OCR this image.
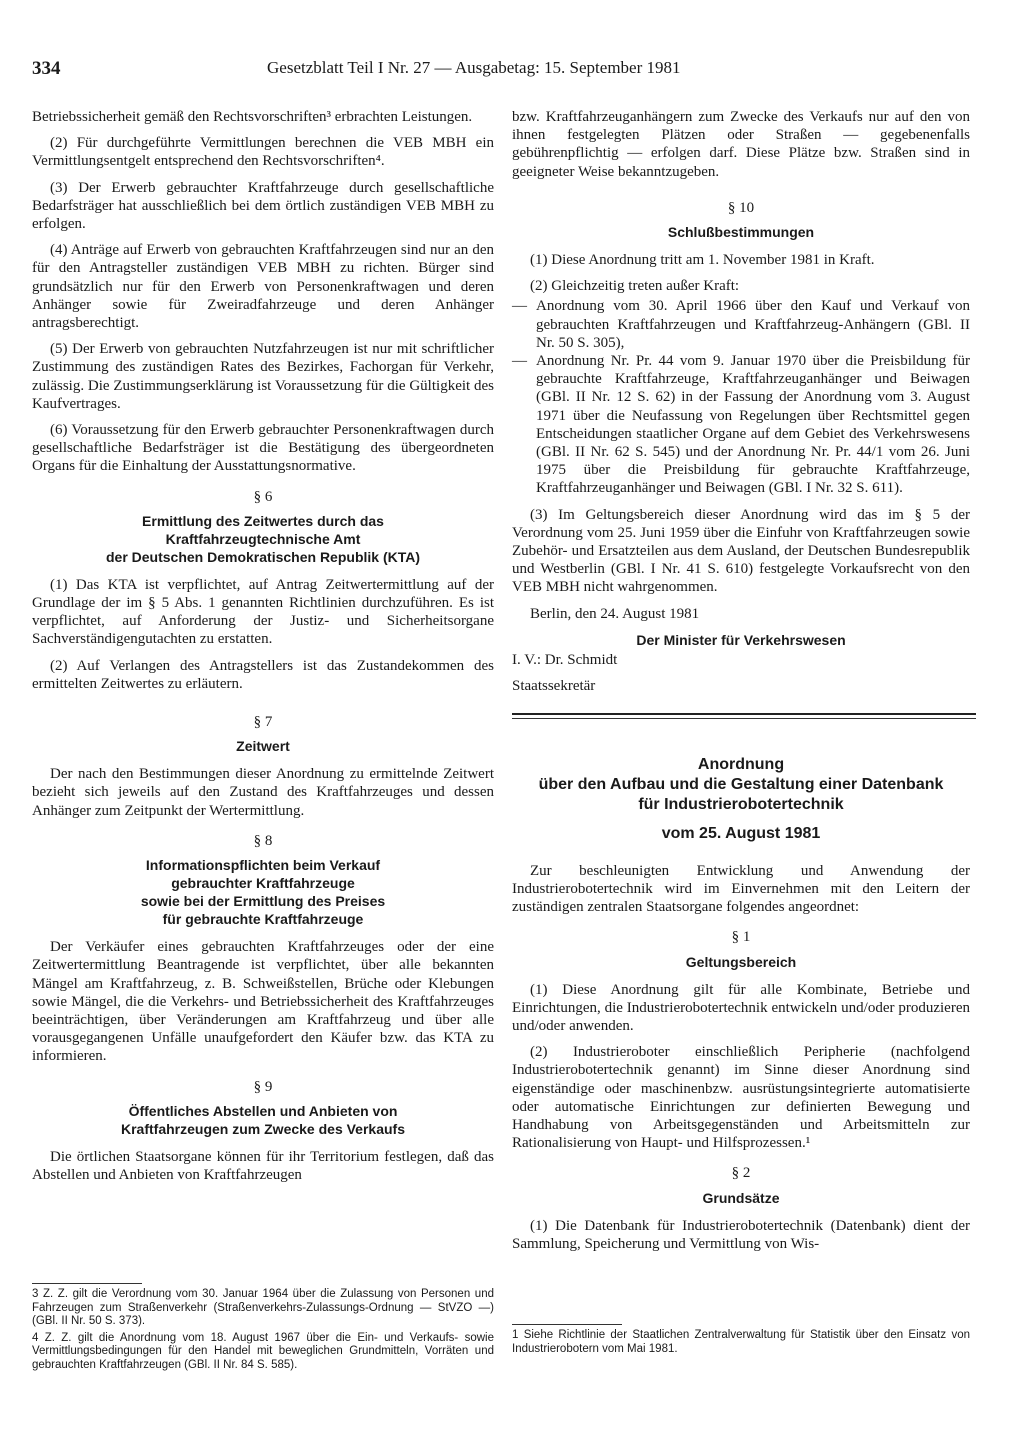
334	Gesetzblatt Teil I Nr. 27 — Ausgabetag: 15. September 1981

Betriebssicherheit gemäß den Rechtsvorschriften³ erbrachten Leistungen.

(2) Für durchgeführte Vermittlungen berechnen die VEB MBH ein Vermittlungsentgelt entsprechend den Rechtsvorschriften⁴.

(3) Der Erwerb gebrauchter Kraftfahrzeuge durch gesellschaftliche Bedarfsträger hat ausschließlich bei dem örtlich zuständigen VEB MBH zu erfolgen.

(4) Anträge auf Erwerb von gebrauchten Kraftfahrzeugen sind nur an den für den Antragsteller zuständigen VEB MBH zu richten. Bürger sind grundsätzlich nur für den Erwerb von Personenkraftwagen und deren Anhänger sowie für Zweiradfahrzeuge und deren Anhänger antragsberechtigt.

(5) Der Erwerb von gebrauchten Nutzfahrzeugen ist nur mit schriftlicher Zustimmung des zuständigen Rates des Bezirkes, Fachorgan für Verkehr, zulässig. Die Zustimmungserklärung ist Voraussetzung für die Gültigkeit des Kaufvertrages.

(6) Voraussetzung für den Erwerb gebrauchter Personenkraftwagen durch gesellschaftliche Bedarfsträger ist die Bestätigung des übergeordneten Organs für die Einhaltung der Ausstattungsnormative.

§ 6
Ermittlung des Zeitwertes durch das
Kraftfahrzeugtechnische Amt
der Deutschen Demokratischen Republik (KTA)

(1) Das KTA ist verpflichtet, auf Antrag Zeitwertermittlung auf der Grundlage der im § 5 Abs. 1 genannten Richtlinien durchzuführen. Es ist verpflichtet, auf Anforderung der Justiz- und Sicherheitsorgane Sachverständigengutachten zu erstatten.

(2) Auf Verlangen des Antragstellers ist das Zustandekommen des ermittelten Zeitwertes zu erläutern.

§ 7
Zeitwert

Der nach den Bestimmungen dieser Anordnung zu ermittelnde Zeitwert bezieht sich jeweils auf den Zustand des Kraftfahrzeuges und dessen Anhänger zum Zeitpunkt der Wertermittlung.

§ 8
Informationspflichten beim Verkauf
gebrauchter Kraftfahrzeuge
sowie bei der Ermittlung des Preises
für gebrauchte Kraftfahrzeuge

Der Verkäufer eines gebrauchten Kraftfahrzeuges oder der eine Zeitwertermittlung Beantragende ist verpflichtet, über alle bekannten Mängel am Kraftfahrzeug, z. B. Schweißstellen, Brüche oder Klebungen sowie Mängel, die die Verkehrs- und Betriebssicherheit des Kraftfahrzeuges beeinträchtigen, über Veränderungen am Kraftfahrzeug und über alle vorausgegangenen Unfälle unaufgefordert den Käufer bzw. das KTA zu informieren.

§ 9
Öffentliches Abstellen und Anbieten von
Kraftfahrzeugen zum Zwecke des Verkaufs

Die örtlichen Staatsorgane können für ihr Territorium festlegen, daß das Abstellen und Anbieten von Kraftfahrzeugen

3 Z. Z. gilt die Verordnung vom 30. Januar 1964 über die Zulassung von Personen und Fahrzeugen zum Straßenverkehr (Straßenverkehrs-Zulassungs-Ordnung — StVZO —) (GBl. II Nr. 50 S. 373).

4 Z. Z. gilt die Anordnung vom 18. August 1967 über die Ein- und Verkaufs- sowie Vermittlungsbedingungen für den Handel mit beweglichen Grundmitteln, Vorräten und gebrauchten Kraftfahrzeugen (GBl. II Nr. 84 S. 585).

bzw. Kraftfahrzeuganhängern zum Zwecke des Verkaufs nur auf den von ihnen festgelegten Plätzen oder Straßen — gegebenenfalls gebührenpflichtig — erfolgen darf. Diese Plätze bzw. Straßen sind in geeigneter Weise bekanntzugeben.

§ 10
Schlußbestimmungen

(1) Diese Anordnung tritt am 1. November 1981 in Kraft.

(2) Gleichzeitig treten außer Kraft:

— Anordnung vom 30. April 1966 über den Kauf und Verkauf von gebrauchten Kraftfahrzeugen und Kraftfahrzeug-Anhängern (GBl. II Nr. 50 S. 305),
— Anordnung Nr. Pr. 44 vom 9. Januar 1970 über die Preisbildung für gebrauchte Kraftfahrzeuge, Kraftfahrzeuganhänger und Beiwagen (GBl. II Nr. 12 S. 62) in der Fassung der Anordnung vom 3. August 1971 über die Neufassung von Regelungen über Rechtsmittel gegen Entscheidungen staatlicher Organe auf dem Gebiet des Verkehrswesens (GBl. II Nr. 62 S. 545) und der Anordnung Nr. Pr. 44/1 vom 26. Juni 1975 über die Preisbildung für gebrauchte Kraftfahrzeuge, Kraftfahrzeuganhänger und Beiwagen (GBl. I Nr. 32 S. 611).

(3) Im Geltungsbereich dieser Anordnung wird das im § 5 der Verordnung vom 25. Juni 1959 über die Einfuhr von Kraftfahrzeugen sowie Zubehör- und Ersatzteilen aus dem Ausland, der Deutschen Bundesrepublik und Westberlin (GBl. I Nr. 41 S. 610) festgelegte Vorkaufsrecht von den VEB MBH nicht wahrgenommen.

Berlin, den 24. August 1981

Der Minister für Verkehrswesen

I. V.: Dr. Schmidt

Staatssekretär

Anordnung
über den Aufbau und die Gestaltung einer Datenbank
für Industrierobotertechnik
vom 25. August 1981

Zur beschleunigten Entwicklung und Anwendung der Industrierobotertechnik wird im Einvernehmen mit den Leitern der zuständigen zentralen Staatsorgane folgendes angeordnet:

§ 1
Geltungsbereich

(1) Diese Anordnung gilt für alle Kombinate, Betriebe und Einrichtungen, die Industrierobotertechnik entwickeln und/oder produzieren und/oder anwenden.

(2) Industrieroboter einschließlich Peripherie (nachfolgend Industrierobotertechnik genannt) im Sinne dieser Anordnung sind eigenständige oder maschinenbzw. ausrüstungsintegrierte automatisierte oder automatische Einrichtungen zur definierten Bewegung und Handhabung von Arbeitsgegenständen und Arbeitsmitteln zur Rationalisierung von Haupt- und Hilfsprozessen.¹

§ 2
Grundsätze

(1) Die Datenbank für Industrierobotertechnik (Datenbank) dient der Sammlung, Speicherung und Vermittlung von Wis-

1 Siehe Richtlinie der Staatlichen Zentralverwaltung für Statistik über den Einsatz von Industrierobotern vom Mai 1981.
